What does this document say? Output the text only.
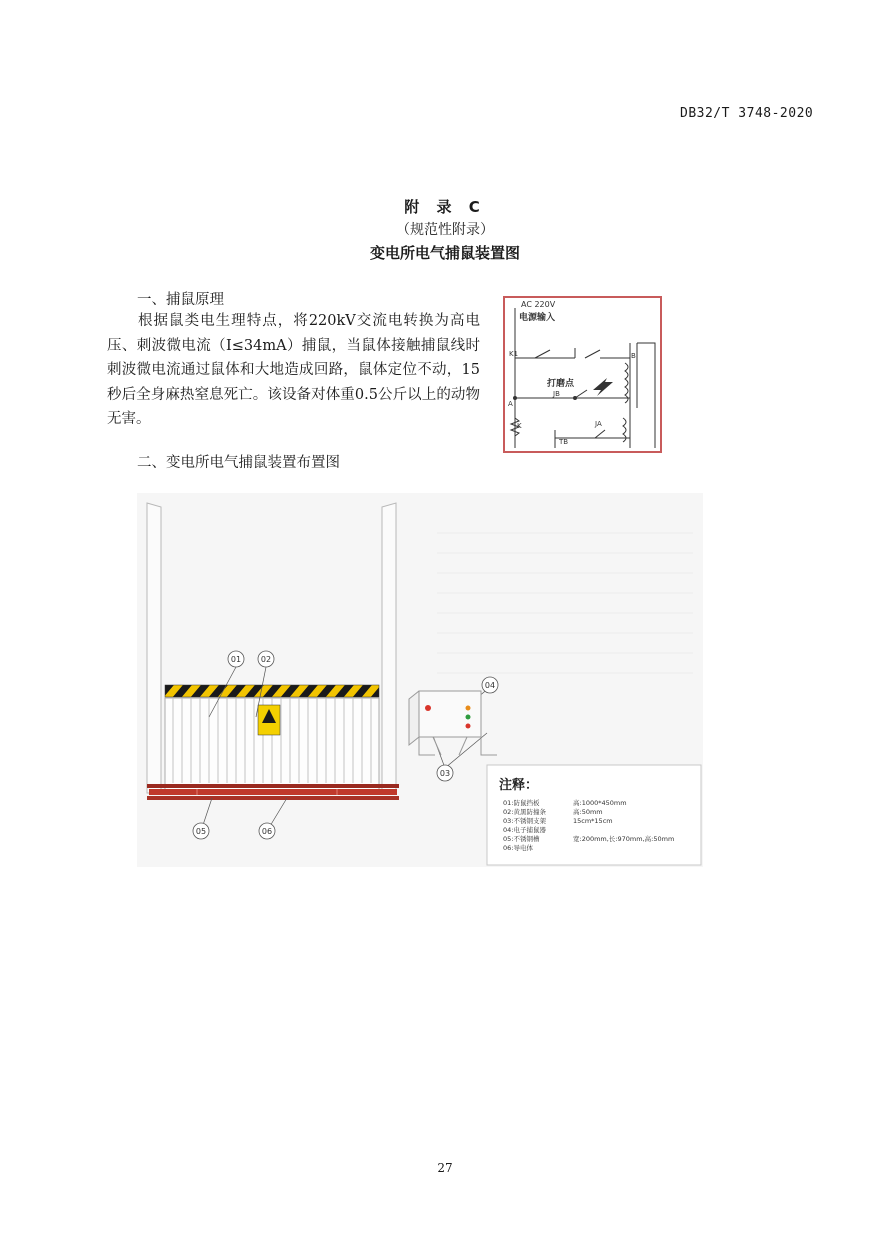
DB32/T 3748-2020
附 录 C
（规范性附录）
变电所电气捕鼠装置图
一、捕鼠原理
根据鼠类电生理特点，将220kV交流电转换为高电压、刺波微电流（I≤34mA）捕鼠，当鼠体接触捕鼠线时刺波微电流通过鼠体和大地造成回路，鼠体定位不动，15秒后全身麻热窒息死亡。该设备对体重0.5公斤以上的动物无害。
AC 220V
电源输入
K1	B
打磨点
JB
A
JA
TB
K
二、变电所电气捕鼠装置布置图
01 02
03
04
05	06
注释：
01:防鼠挡板	高:1000*450mm
02:黄黑防撞条	高:50mm
03:不锈钢支架	15cm*15cm
04:电子捕鼠器
05:不锈钢槽	宽:200mm,长:970mm,高:50mm
06:导电体
27
